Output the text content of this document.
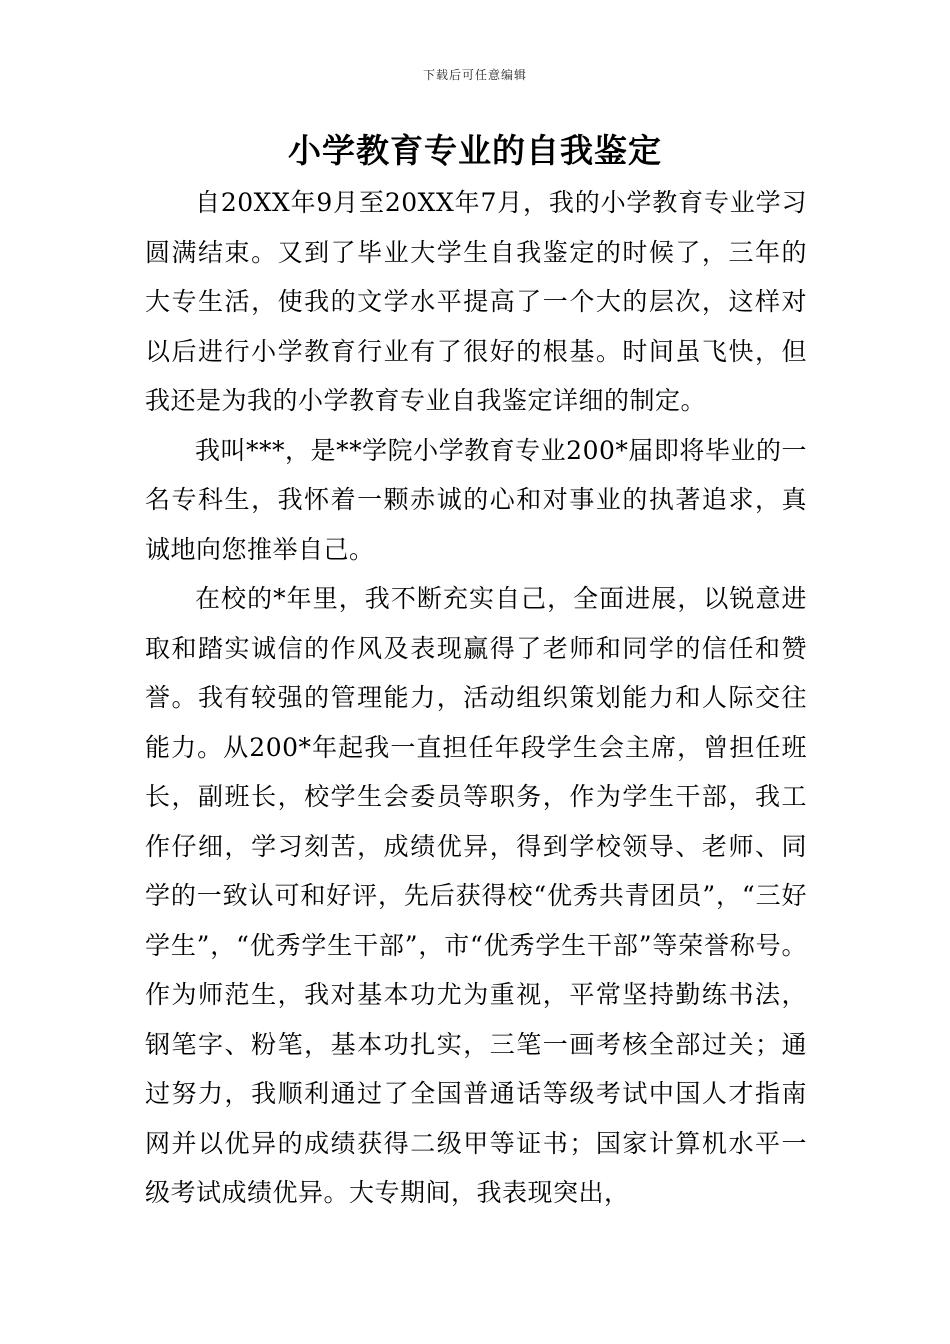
下载后可任意编辑
小学教育专业的自我鉴定

自20XX年9月至20XX年7月，我的小学教育专业学习圆满结束。又到了毕业大学生自我鉴定的时候了，三年的大专生活，使我的文学水平提高了一个大的层次，这样对以后进行小学教育行业有了很好的根基。时间虽飞快，但我还是为我的小学教育专业自我鉴定详细的制定。

我叫***，是**学院小学教育专业200*届即将毕业的一名专科生，我怀着一颗赤诚的心和对事业的执著追求，真诚地向您推举自己。

在校的*年里，我不断充实自己，全面进展，以锐意进取和踏实诚信的作风及表现赢得了老师和同学的信任和赞誉。我有较强的管理能力，活动组织策划能力和人际交往能力。从200*年起我一直担任年段学生会主席，曾担任班长，副班长，校学生会委员等职务，作为学生干部，我工作仔细，学习刻苦，成绩优异，得到学校领导、老师、同学的一致认可和好评，先后获得校“优秀共青团员”，“三好学生”，“优秀学生干部”，市“优秀学生干部”等荣誉称号。作为师范生，我对基本功尤为重视，平常坚持勤练书法，钢笔字、粉笔，基本功扎实，三笔一画考核全部过关；通过努力，我顺利通过了全国普通话等级考试中国人才指南网并以优异的成绩获得二级甲等证书；国家计算机水平一级考试成绩优异。大专期间，我表现突出，
